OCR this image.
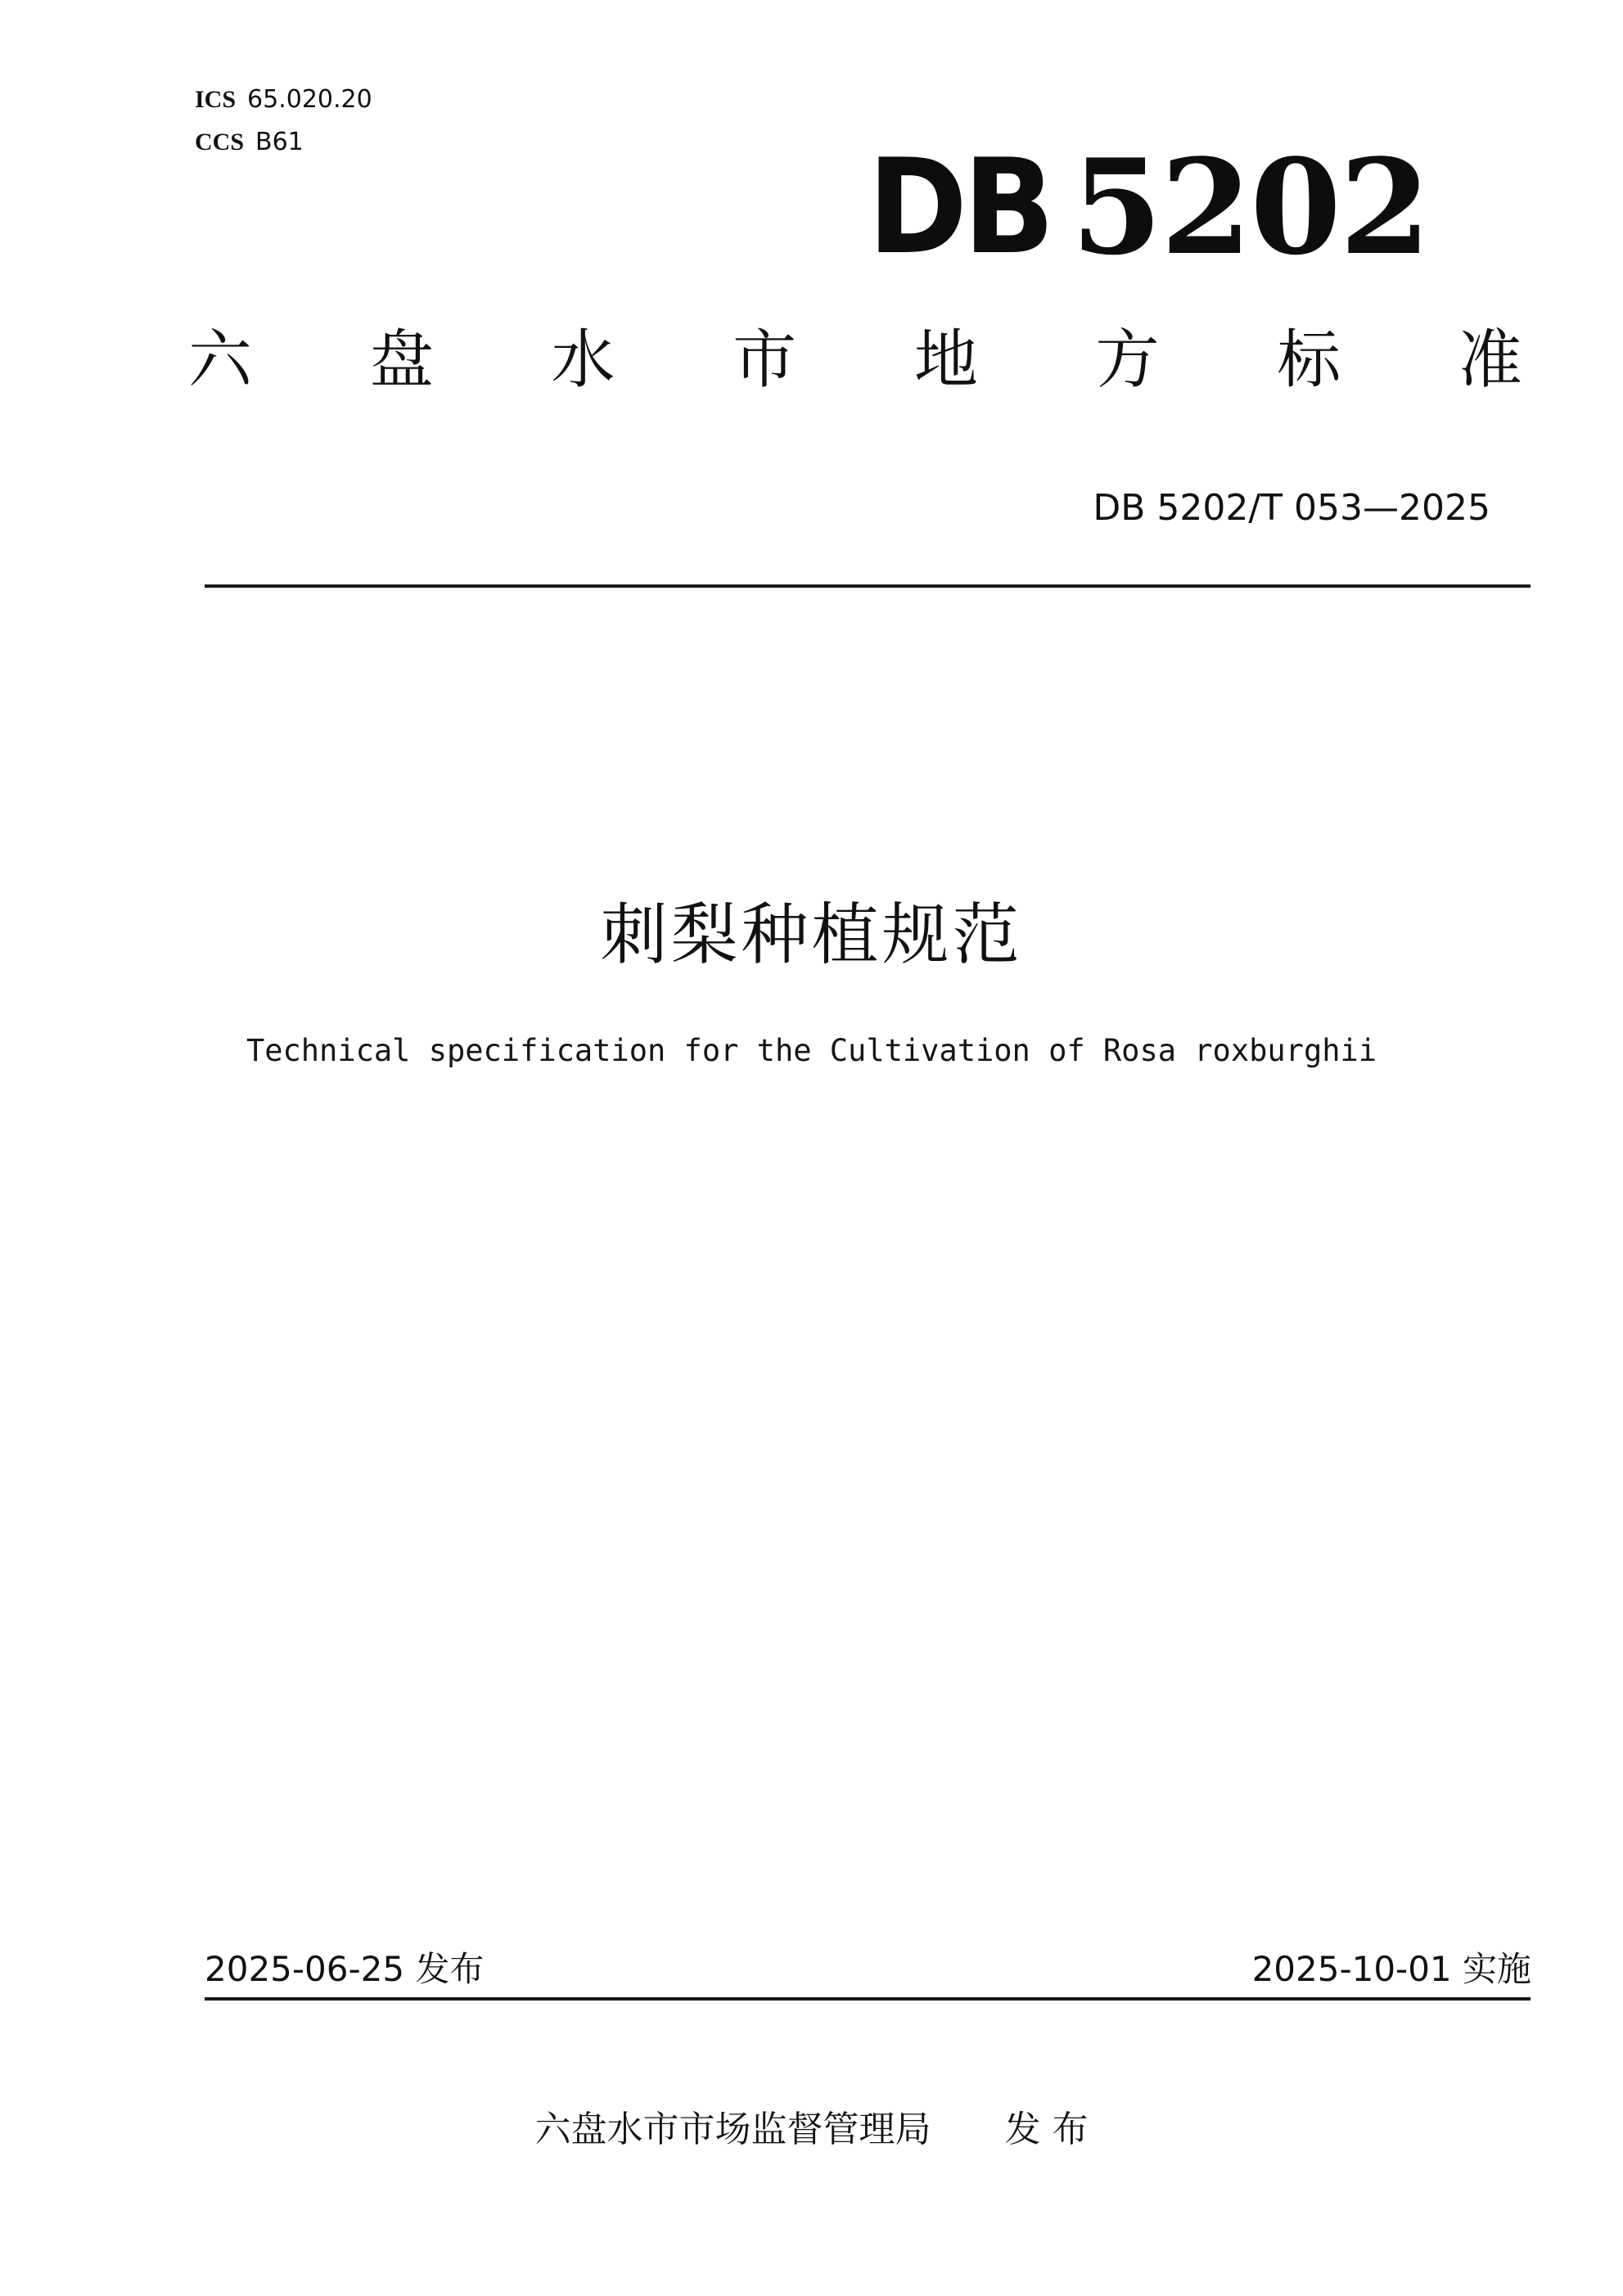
ICS 65.020.20
CCS B61	DB 5202
六 盘 水 市 地 方 标 准
DB 5202/T 053—2025
刺梨种植规范
Technical specification for the Cultivation of Rosa roxburghii
2025-06-25 发布	2025-10-01 实施
六盘水市市场监督管理局 发 布
